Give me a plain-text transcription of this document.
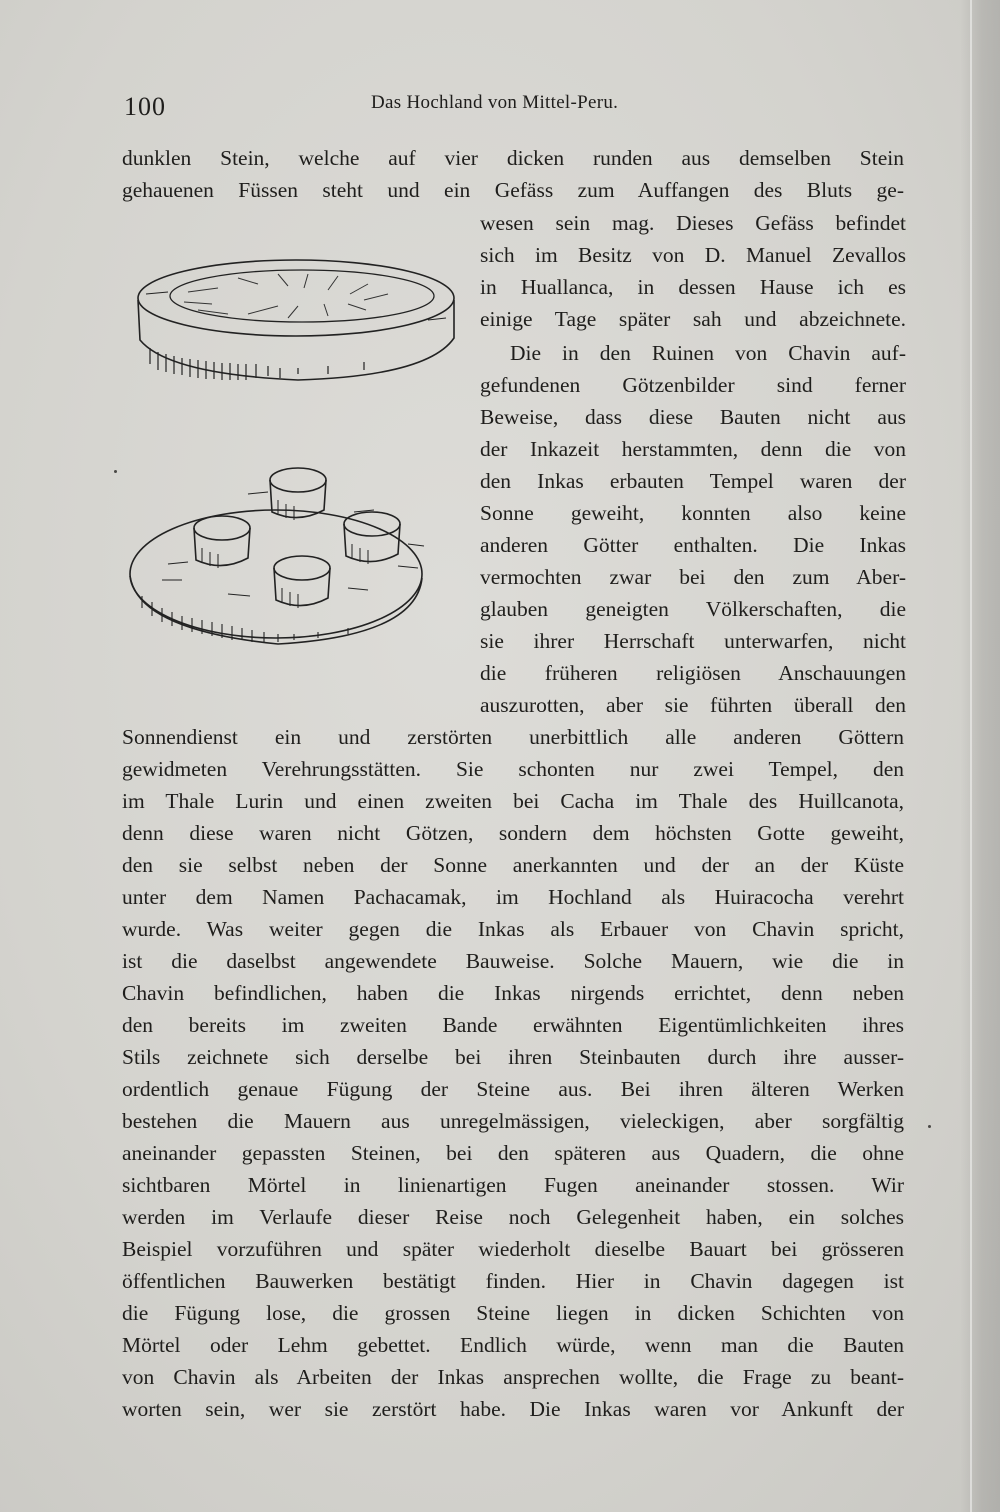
100	Das Hochland von Mittel-Peru.
dunklen Stein, welche auf vier dicken runden aus demselben Stein
gehauenen Füssen steht und ein Gefäss zum Auffangen des Bluts ge-
wesen sein mag. Dieses Gefäss befindet
sich im Besitz von D. Manuel Zevallos
in Huallanca, in dessen Hause ich es
einige Tage später sah und abzeichnete.
Die in den Ruinen von Chavin auf-
gefundenen Götzenbilder sind ferner
Beweise, dass diese Bauten nicht aus
der Inkazeit herstammten, denn die von
den Inkas erbauten Tempel waren der
Sonne geweiht, konnten also keine
anderen Götter enthalten. Die Inkas
vermochten zwar bei den zum Aber-
glauben geneigten Völkerschaften, die
sie ihrer Herrschaft unterwarfen, nicht
die früheren religiösen Anschauungen
auszurotten, aber sie führten überall den
Sonnendienst ein und zerstörten unerbittlich alle anderen Göttern
gewidmeten Verehrungsstätten. Sie schonten nur zwei Tempel, den
im Thale Lurin und einen zweiten bei Cacha im Thale des Huillcanota,
denn diese waren nicht Götzen, sondern dem höchsten Gotte geweiht,
den sie selbst neben der Sonne anerkannten und der an der Küste
unter dem Namen Pachacamak, im Hochland als Huiracocha verehrt
wurde. Was weiter gegen die Inkas als Erbauer von Chavin spricht,
ist die daselbst angewendete Bauweise. Solche Mauern, wie die in
Chavin befindlichen, haben die Inkas nirgends errichtet, denn neben
den bereits im zweiten Bande erwähnten Eigentümlichkeiten ihres
Stils zeichnete sich derselbe bei ihren Steinbauten durch ihre ausser-
ordentlich genaue Fügung der Steine aus. Bei ihren älteren Werken
bestehen die Mauern aus unregelmässigen, vieleckigen, aber sorgfältig
aneinander gepassten Steinen, bei den späteren aus Quadern, die ohne
sichtbaren Mörtel in linienartigen Fugen aneinander stossen. Wir
werden im Verlaufe dieser Reise noch Gelegenheit haben, ein solches
Beispiel vorzuführen und später wiederholt dieselbe Bauart bei grösseren
öffentlichen Bauwerken bestätigt finden. Hier in Chavin dagegen ist
die Fügung lose, die grossen Steine liegen in dicken Schichten von
Mörtel oder Lehm gebettet. Endlich würde, wenn man die Bauten
von Chavin als Arbeiten der Inkas ansprechen wollte, die Frage zu beant-
worten sein, wer sie zerstört habe. Die Inkas waren vor Ankunft der
